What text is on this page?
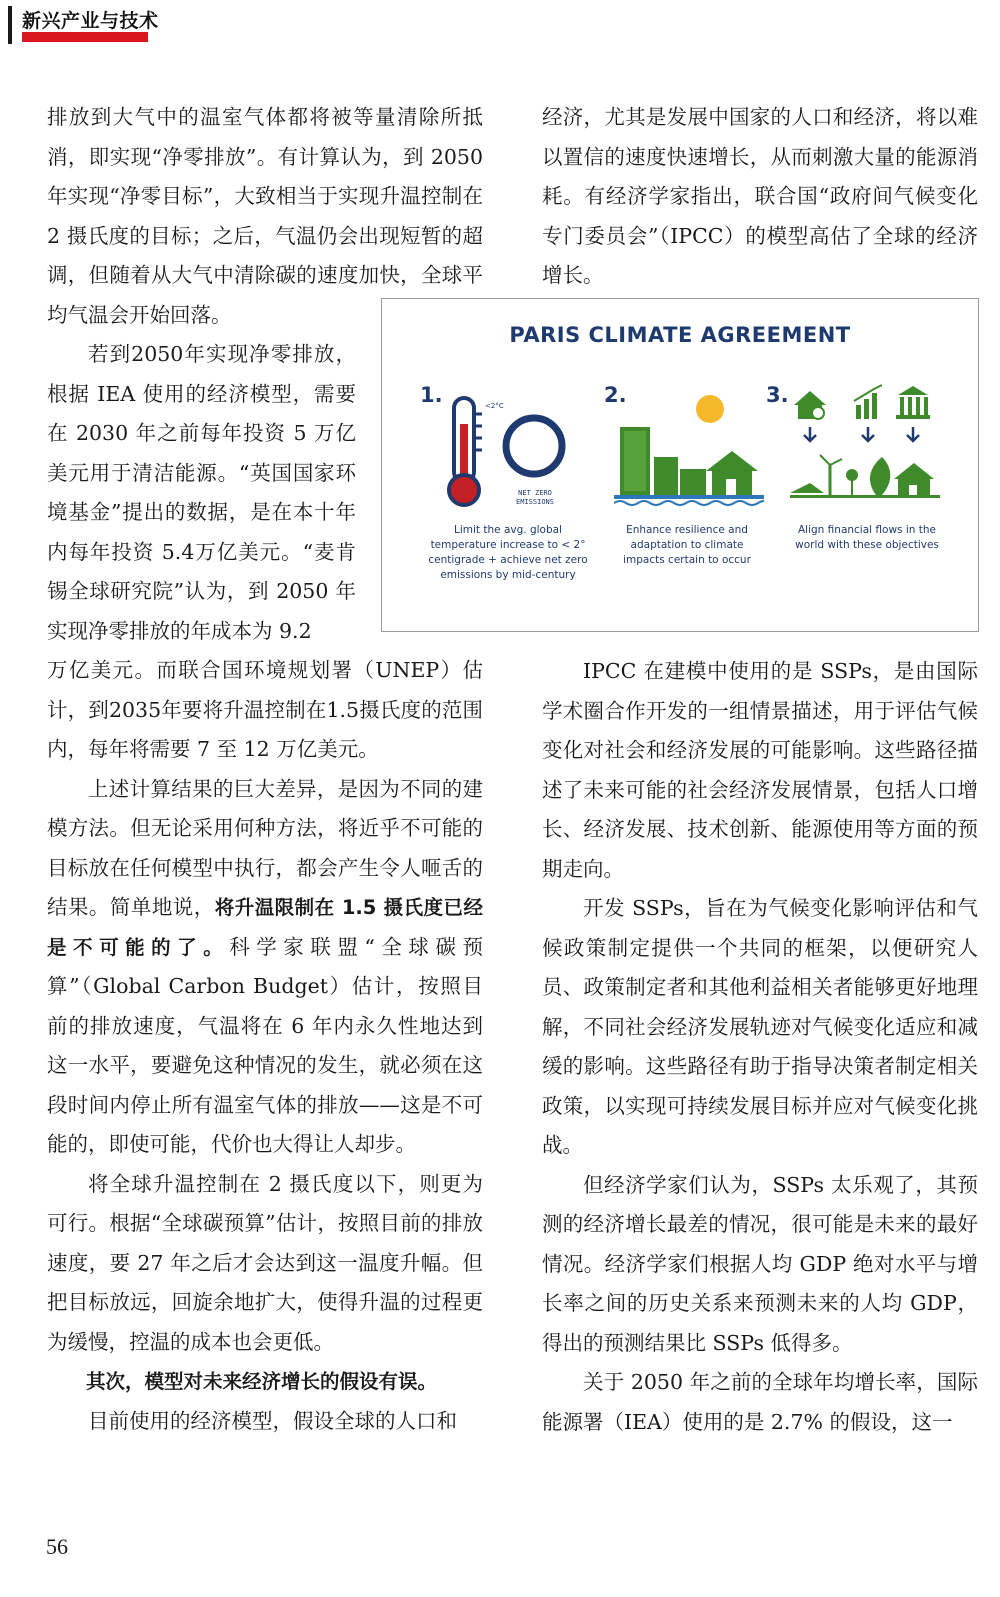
新兴产业与技术

排放到大气中的温室气体都将被等量清除所抵消，即实现“净零排放”。有计算认为，到 2050 年实现“净零目标”，大致相当于实现升温控制在 2 摄氏度的目标；之后，气温仍会出现短暂的超调，但随着从大气中清除碳的速度加快，全球平均气温会开始回落。

若到2050年实现净零排放，根据 IEA 使用的经济模型，需要在 2030 年之前每年投资 5 万亿美元用于清洁能源。“英国国家环境基金”提出的数据，是在本十年内每年投资 5.4万亿美元。“麦肯锡全球研究院”认为，到 2050 年实现净零排放的年成本为 9.2

万亿美元。而联合国环境规划署（UNEP）估计，到2035年要将升温控制在1.5摄氏度的范围内，每年将需要 7 至 12 万亿美元。

上述计算结果的巨大差异，是因为不同的建模方法。但无论采用何种方法，将近乎不可能的目标放在任何模型中执行，都会产生令人咂舌的结果。简单地说，将升温限制在 1.5 摄氏度已经是不可能的了。科学家联盟“全球碳预算”（Global Carbon Budget）估计，按照目前的排放速度，气温将在 6 年内永久性地达到这一水平，要避免这种情况的发生，就必须在这段时间内停止所有温室气体的排放——这是不可能的，即使可能，代价也大得让人却步。

将全球升温控制在 2 摄氏度以下，则更为可行。根据“全球碳预算”估计，按照目前的排放速度，要 27 年之后才会达到这一温度升幅。但把目标放远，回旋余地扩大，使得升温的过程更为缓慢，控温的成本也会更低。

其次，模型对未来经济增长的假设有误。

目前使用的经济模型，假设全球的人口和

经济，尤其是发展中国家的人口和经济，将以难以置信的速度快速增长，从而刺激大量的能源消耗。有经济学家指出，联合国“政府间气候变化专门委员会”（IPCC）的模型高估了全球的经济增长。

IPCC 在建模中使用的是 SSPs，是由国际学术圈合作开发的一组情景描述，用于评估气候变化对社会和经济发展的可能影响。这些路径描述了未来可能的社会经济发展情景，包括人口增长、经济发展、技术创新、能源使用等方面的预期走向。

开发 SSPs，旨在为气候变化影响评估和气候政策制定提供一个共同的框架，以便研究人员、政策制定者和其他利益相关者能够更好地理解，不同社会经济发展轨迹对气候变化适应和减缓的影响。这些路径有助于指导决策者制定相关政策，以实现可持续发展目标并应对气候变化挑战。

但经济学家们认为，SSPs 太乐观了，其预测的经济增长最差的情况，很可能是未来的最好情况。经济学家们根据人均 GDP 绝对水平与增长率之间的历史关系来预测未来的人均 GDP，得出的预测结果比 SSPs 低得多。

关于 2050 年之前的全球年均增长率，国际能源署（IEA）使用的是 2.7% 的假设，这一

PARIS CLIMATE AGREEMENT
1.	<2°C
NET ZERO
EMISSIONS
Limit the avg. global
temperature increase to < 2°
centigrade + achieve net zero
emissions by mid-century
2.
Enhance resilience and
adaptation to climate
impacts certain to occur
3.
Align financial flows in the
world with these objectives
56
